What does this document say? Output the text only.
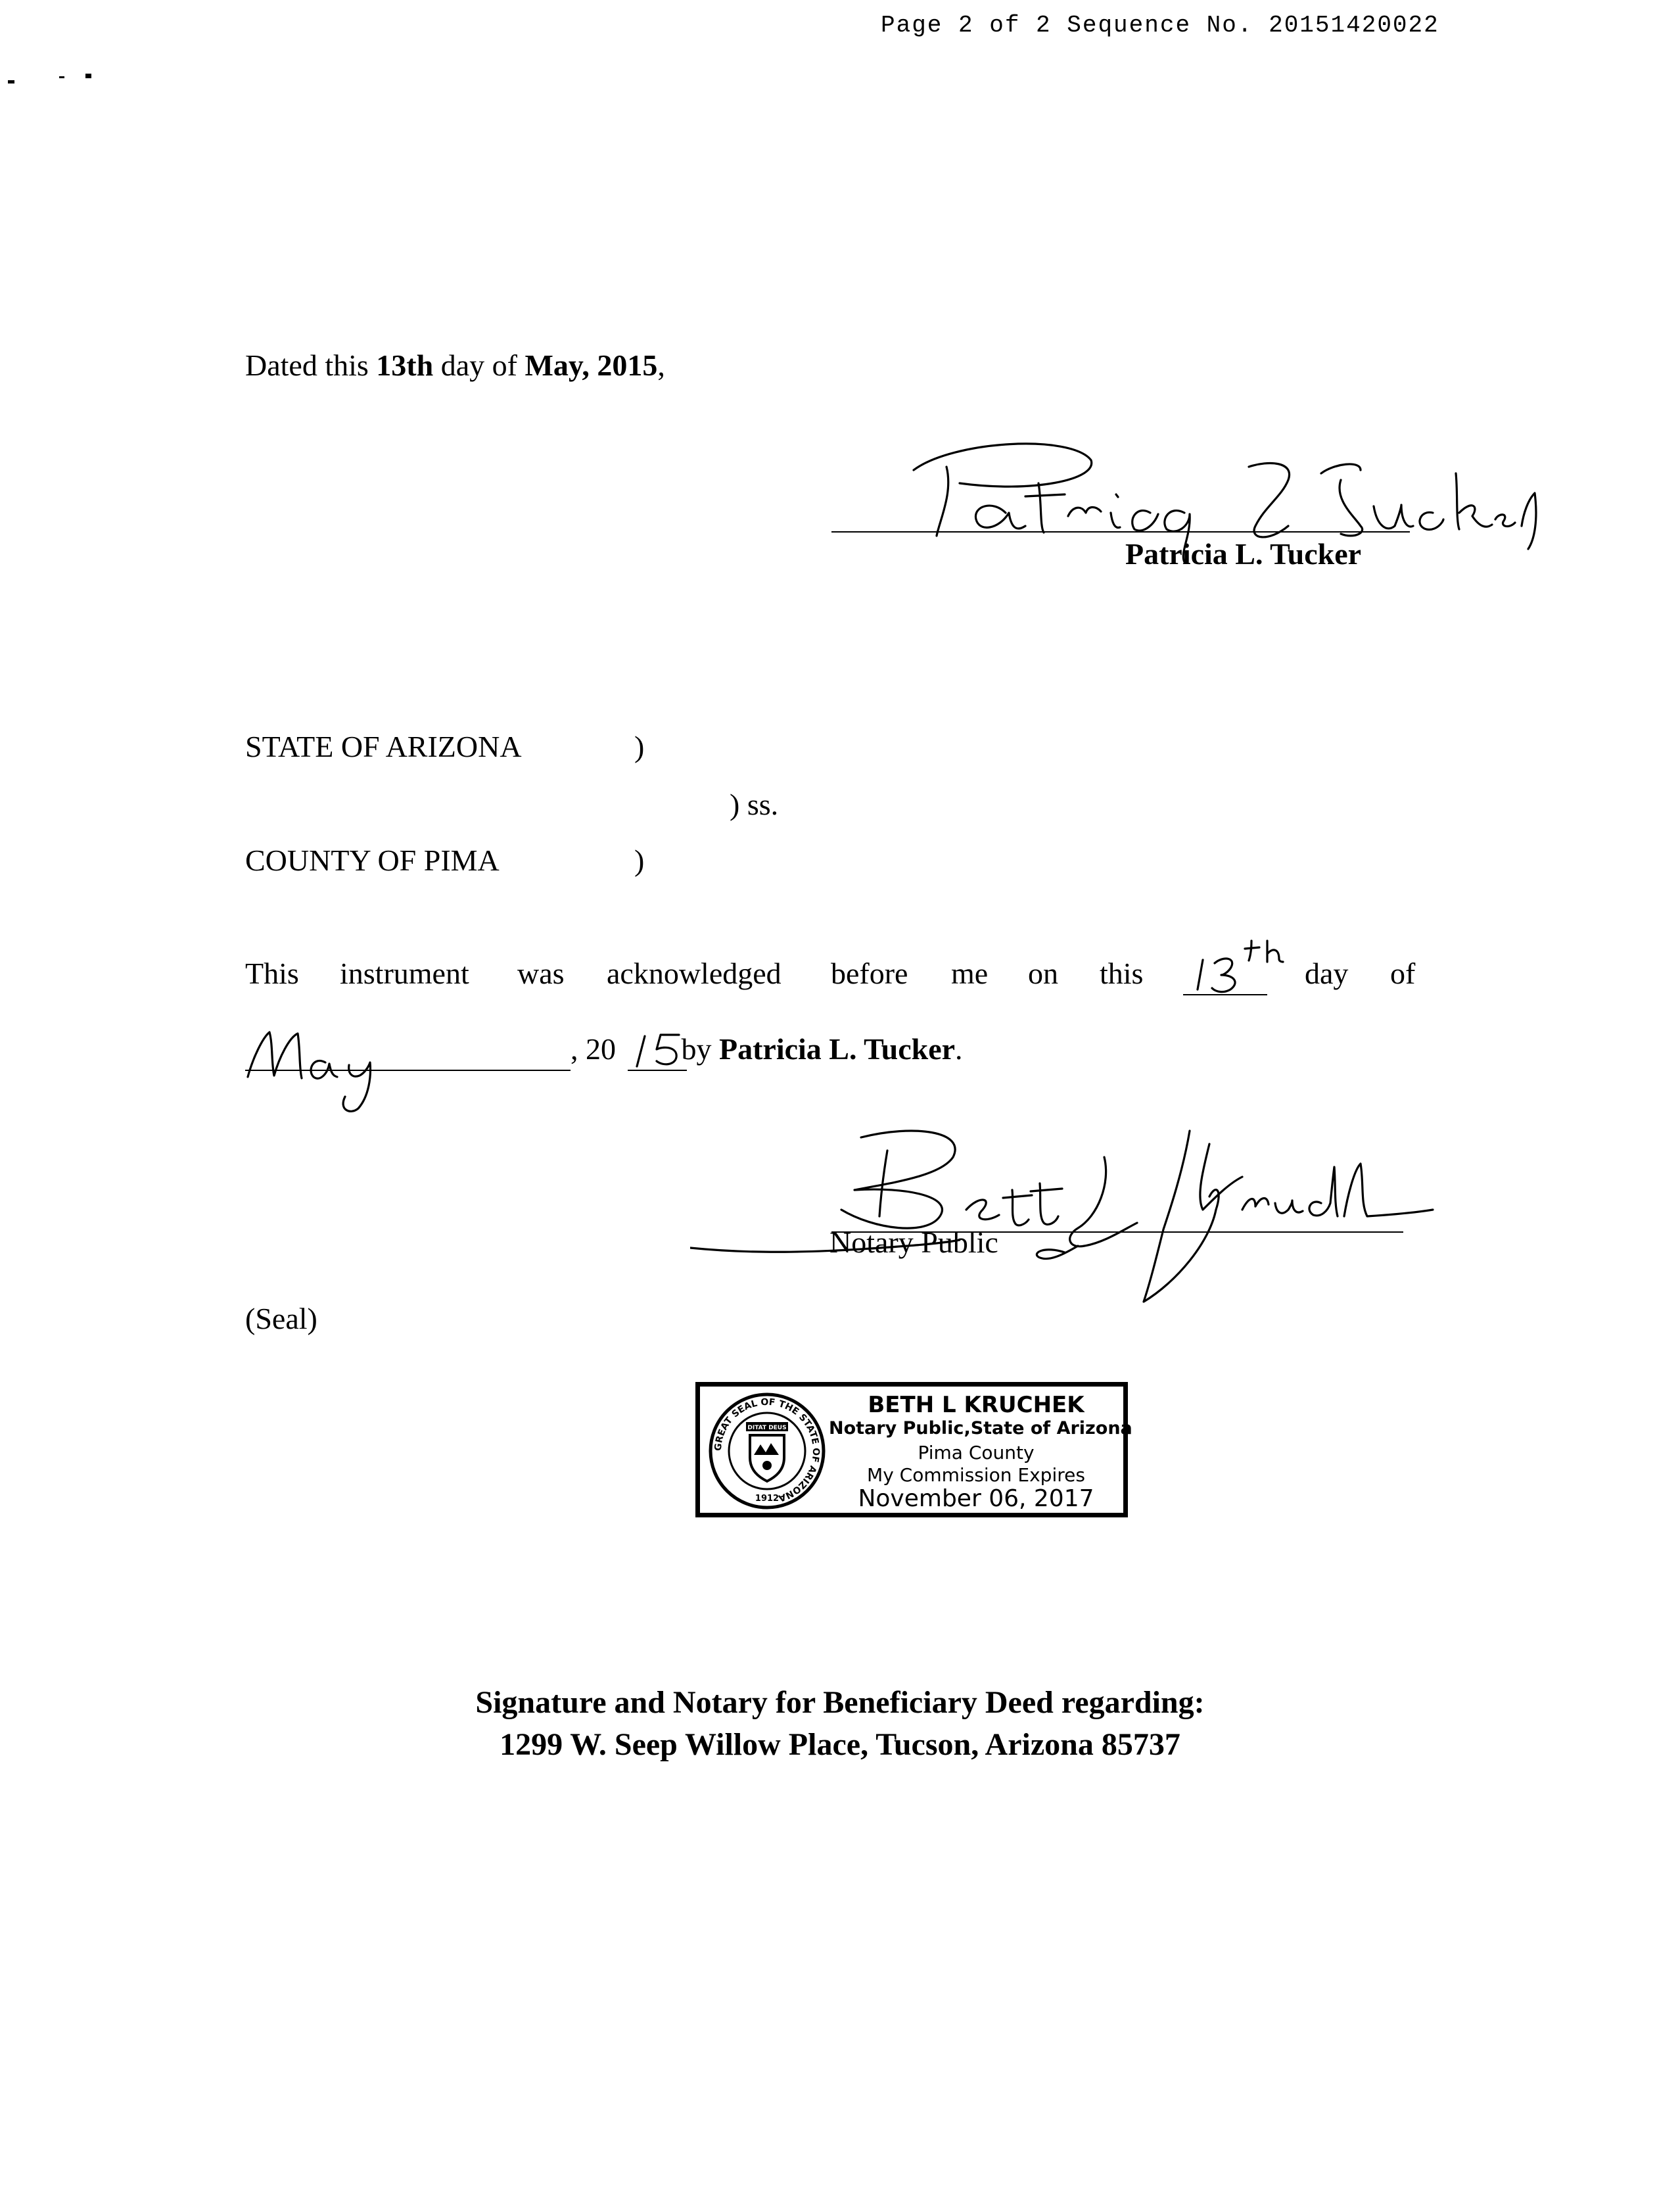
Page 2 of 2 Sequence No. 20151420022
Dated this 13th day of May, 2015,
Patricia L. Tucker
STATE OF ARIZONA	)
) ss.
COUNTY OF PIMA	)
This instrument was acknowledged before me on this	day of
, 20 by Patricia L. Tucker.
Notary Public
(Seal)
GREAT SEAL OF THE STATE OF ARIZONA
DITAT DEUS
1912
BETH L KRUCHEK
Notary Public,State of Arizona
Pima County
My Commission Expires
November 06, 2017
Signature and Notary for Beneficiary Deed regarding:
1299 W. Seep Willow Place, Tucson, Arizona 85737
